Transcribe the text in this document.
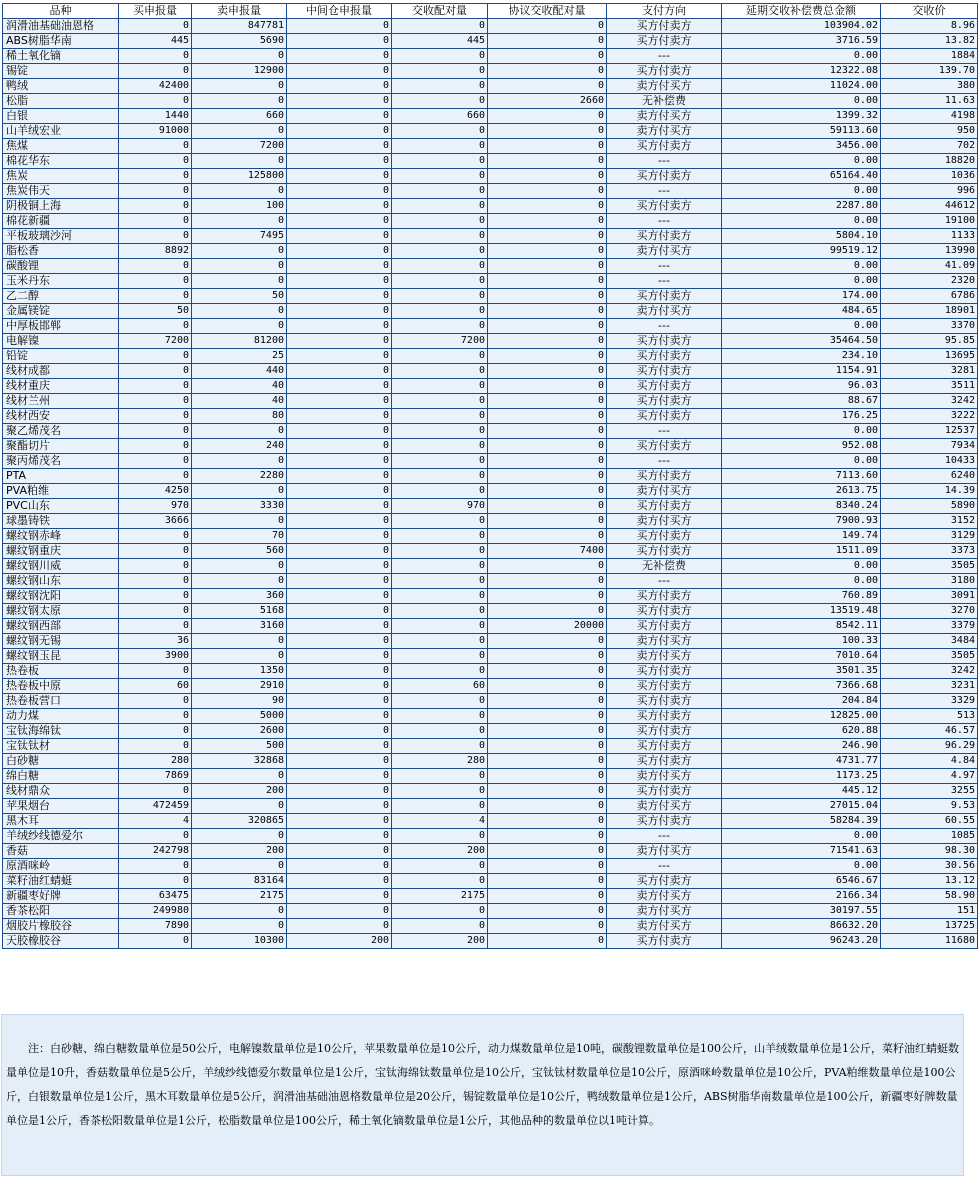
品种	买申报量	卖申报量	中间仓申报量	交收配对量	协议交收配对量	支付方向	延期交收补偿费总金额	交收价
润滑油基础油恩格	0	847781	0	0	0	买方付卖方	103904.02	8.96
ABS树脂华南	445	5690	0	445	0	买方付卖方	3716.59	13.82
稀土氧化镝	0	0	0	0	0	---	0.00	1884
锡锭	0	12900	0	0	0	买方付卖方	12322.08	139.70
鸭绒	42400	0	0	0	0	卖方付买方	11024.00	380
松脂	0	0	0	0	2660	无补偿费	0.00	11.63
白银	1440	660	0	660	0	卖方付买方	1399.32	4198
山羊绒宏业	91000	0	0	0	0	卖方付买方	59113.60	950
焦煤	0	7200	0	0	0	买方付卖方	3456.00	702
棉花华东	0	0	0	0	0	---	0.00	18820
焦炭	0	125800	0	0	0	买方付卖方	65164.40	1036
焦炭伟天	0	0	0	0	0	---	0.00	996
阴极铜上海	0	100	0	0	0	买方付卖方	2287.80	44612
棉花新疆	0	0	0	0	0	---	0.00	19100
平板玻璃沙河	0	7495	0	0	0	买方付卖方	5804.10	1133
脂松香	8892	0	0	0	0	卖方付买方	99519.12	13990
碳酸锂	0	0	0	0	0	---	0.00	41.09
玉米丹东	0	0	0	0	0	---	0.00	2320
乙二醇	0	50	0	0	0	买方付卖方	174.00	6786
金属镁锭	50	0	0	0	0	卖方付买方	484.65	18901
中厚板邯郸	0	0	0	0	0	---	0.00	3370
电解镍	7200	81200	0	7200	0	买方付卖方	35464.50	95.85
铅锭	0	25	0	0	0	买方付卖方	234.10	13695
线材成都	0	440	0	0	0	买方付卖方	1154.91	3281
线材重庆	0	40	0	0	0	买方付卖方	96.03	3511
线材兰州	0	40	0	0	0	买方付卖方	88.67	3242
线材西安	0	80	0	0	0	买方付卖方	176.25	3222
聚乙烯茂名	0	0	0	0	0	---	0.00	12537
聚酯切片	0	240	0	0	0	买方付卖方	952.08	7934
聚丙烯茂名	0	0	0	0	0	---	0.00	10433
PTA	0	2280	0	0	0	买方付卖方	7113.60	6240
PVA粕维	4250	0	0	0	0	卖方付买方	2613.75	14.39
PVC山东	970	3330	0	970	0	买方付卖方	8340.24	5890
球墨铸铁	3666	0	0	0	0	卖方付买方	7900.93	3152
螺纹钢赤峰	0	70	0	0	0	买方付卖方	149.74	3129
螺纹钢重庆	0	560	0	0	7400	买方付卖方	1511.09	3373
螺纹钢川威	0	0	0	0	0	无补偿费	0.00	3505
螺纹钢山东	0	0	0	0	0	---	0.00	3180
螺纹钢沈阳	0	360	0	0	0	买方付卖方	760.89	3091
螺纹钢太原	0	5168	0	0	0	买方付卖方	13519.48	3270
螺纹钢西部	0	3160	0	0	20000	买方付卖方	8542.11	3379
螺纹钢无锡	36	0	0	0	0	卖方付买方	100.33	3484
螺纹钢玉昆	3900	0	0	0	0	卖方付买方	7010.64	3505
热卷板	0	1350	0	0	0	买方付卖方	3501.35	3242
热卷板中原	60	2910	0	60	0	买方付卖方	7366.68	3231
热卷板营口	0	90	0	0	0	买方付卖方	204.84	3329
动力煤	0	5000	0	0	0	买方付卖方	12825.00	513
宝钛海绵钛	0	2600	0	0	0	买方付卖方	620.88	46.57
宝钛钛材	0	500	0	0	0	买方付卖方	246.90	96.29
白砂糖	280	32868	0	280	0	买方付卖方	4731.77	4.84
绵白糖	7869	0	0	0	0	卖方付买方	1173.25	4.97
线材鼎众	0	200	0	0	0	买方付卖方	445.12	3255
苹果烟台	472459	0	0	0	0	卖方付买方	27015.04	9.53
黑木耳	4	320865	0	4	0	买方付卖方	58284.39	60.55
羊绒纱线德爱尔	0	0	0	0	0	---	0.00	1085
香菇	242798	200	0	200	0	卖方付买方	71541.63	98.30
原酒咪岭	0	0	0	0	0	---	0.00	30.56
菜籽油红蜻蜓	0	83164	0	0	0	买方付卖方	6546.67	13.12
新疆枣好牌	63475	2175	0	2175	0	卖方付买方	2166.34	58.90
香茶松阳	249980	0	0	0	0	卖方付买方	30197.55	151
烟胶片橡胶谷	7890	0	0	0	0	卖方付买方	86632.20	13725
天胶橡胶谷	0	10300	200	200	0	买方付卖方	96243.20	11680
注：白砂糖、绵白糖数量单位是50公斤，电解镍数量单位是10公斤，苹果数量单位是10公斤，动力煤数量单位是10吨，碳酸锂数量单位是100公斤，山羊绒数量单位是1公斤，菜籽油红蜻蜓数量单位是10升，香菇数量单位是5公斤，羊绒纱线德爱尔数量单位是1公斤，宝钛海绵钛数量单位是10公斤，宝钛钛材数量单位是10公斤，原酒咪岭数量单位是10公斤，PVA粕维数量单位是100公斤，白银数量单位是1公斤，黑木耳数量单位是5公斤，润滑油基础油恩格数量单位是20公斤，锡锭数量单位是10公斤，鸭绒数量单位是1公斤，ABS树脂华南数量单位是100公斤，新疆枣好牌数量单位是1公斤，香茶松阳数量单位是1公斤，松脂数量单位是100公斤，稀土氧化镝数量单位是1公斤，其他品种的数量单位以1吨计算。
